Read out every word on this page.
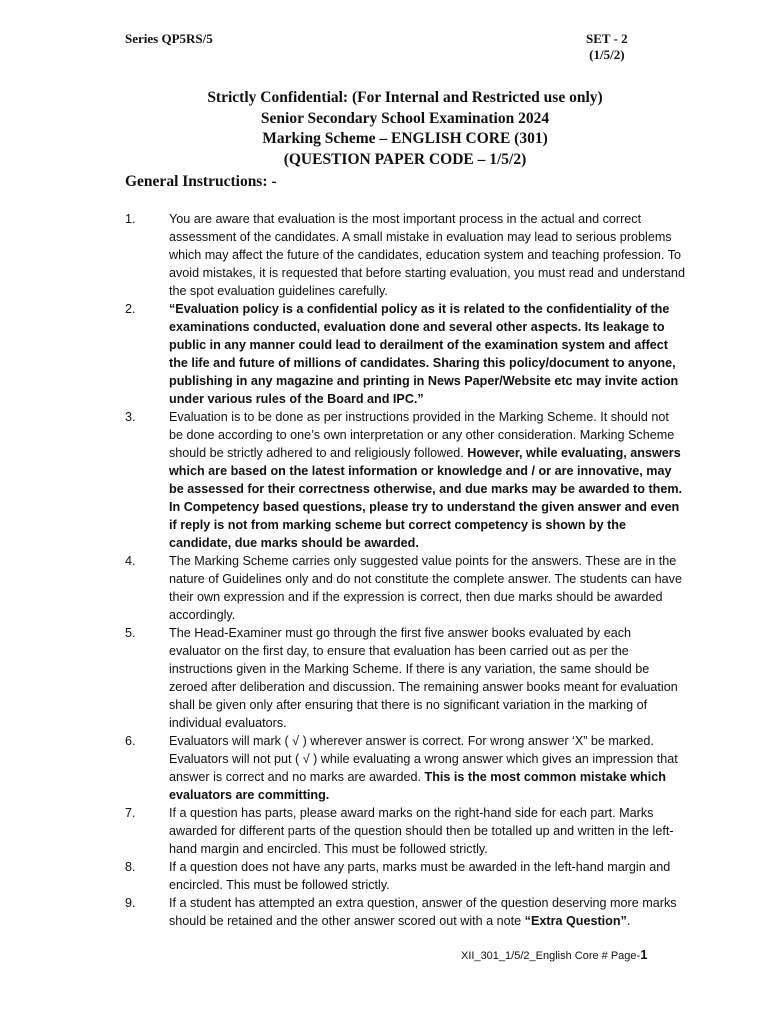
Series QP5RS/5	SET - 2
(1/5/2)
Strictly Confidential: (For Internal and Restricted use only)
Senior Secondary School Examination 2024
Marking Scheme – ENGLISH CORE (301)
(QUESTION PAPER CODE – 1/5/2)
General Instructions: -
1.	You are aware that evaluation is the most important process in the actual and correct assessment of the candidates. A small mistake in evaluation may lead to serious problems which may affect the future of the candidates, education system and teaching profession. To avoid mistakes, it is requested that before starting evaluation, you must read and understand the spot evaluation guidelines carefully.
2.	“Evaluation policy is a confidential policy as it is related to the confidentiality of the examinations conducted, evaluation done and several other aspects. Its leakage to public in any manner could lead to derailment of the examination system and affect the life and future of millions of candidates. Sharing this policy/document to anyone, publishing in any magazine and printing in News Paper/Website etc may invite action under various rules of the Board and IPC.”
3.	Evaluation is to be done as per instructions provided in the Marking Scheme. It should not be done according to one’s own interpretation or any other consideration. Marking Scheme should be strictly adhered to and religiously followed. However, while evaluating, answers which are based on the latest information or knowledge and / or are innovative, may be assessed for their correctness otherwise, and due marks may be awarded to them. In Competency based questions, please try to understand the given answer and even if reply is not from marking scheme but correct competency is shown by the candidate, due marks should be awarded.
4.	The Marking Scheme carries only suggested value points for the answers. These are in the nature of Guidelines only and do not constitute the complete answer. The students can have their own expression and if the expression is correct, then due marks should be awarded accordingly.
5.	The Head-Examiner must go through the first five answer books evaluated by each evaluator on the first day, to ensure that evaluation has been carried out as per the instructions given in the Marking Scheme. If there is any variation, the same should be zeroed after deliberation and discussion. The remaining answer books meant for evaluation shall be given only after ensuring that there is no significant variation in the marking of individual evaluators.
6.	Evaluators will mark ( √ ) wherever answer is correct. For wrong answer ‘X” be marked. Evaluators will not put ( √ ) while evaluating a wrong answer which gives an impression that answer is correct and no marks are awarded. This is the most common mistake which evaluators are committing.
7.	If a question has parts, please award marks on the right-hand side for each part. Marks awarded for different parts of the question should then be totalled up and written in the left-hand margin and encircled. This must be followed strictly.
8.	If a question does not have any parts, marks must be awarded in the left-hand margin and encircled. This must be followed strictly.
9.	If a student has attempted an extra question, answer of the question deserving more marks should be retained and the other answer scored out with a note “Extra Question”.
XII_301_1/5/2_English Core # Page-1
